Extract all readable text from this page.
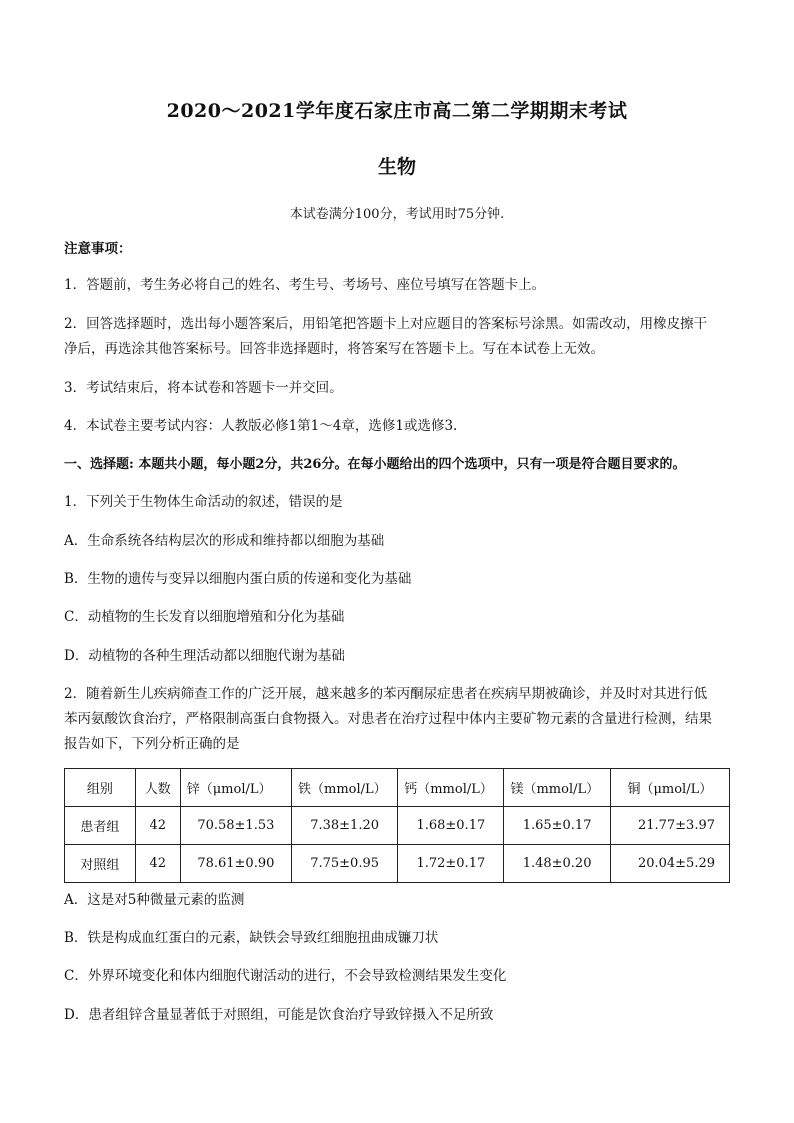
2020～2021学年度石家庄市高二第二学期期末考试
生物
本试卷满分100分，考试用时75分钟.
注意事项：
1．答题前，考生务必将自己的姓名、考生号、考场号、座位号填写在答题卡上。
2．回答选择题时，选出每小题答案后，用铅笔把答题卡上对应题目的答案标号涂黑。如需改动，用橡皮擦干
净后，再选涂其他答案标号。回答非选择题时，将答案写在答题卡上。写在本试卷上无效。
3．考试结束后，将本试卷和答题卡一并交回。
4．本试卷主要考试内容：人教版必修1第1～4章，选修1或选修3.
一、选择题: 本题共小题，每小题2分，共26分。在每小题给出的四个选项中，只有一项是符合题目要求的。
1．下列关于生物体生命活动的叙述，错误的是
A．生命系统各结构层次的形成和维持都以细胞为基础
B．生物的遗传与变异以细胞内蛋白质的传递和变化为基础
C．动植物的生长发育以细胞增殖和分化为基础
D．动植物的各种生理活动都以细胞代谢为基础
2．随着新生儿疾病筛查工作的广泛开展，越来越多的苯丙酮尿症患者在疾病早期被确诊，并及时对其进行低
苯丙氨酸饮食治疗，严格限制高蛋白食物摄入。对患者在治疗过程中体内主要矿物元素的含量进行检测，结果
报告如下，下列分析正确的是
组别	人数	锌（μmol/L）	铁（mmol/L）	钙（mmol/L）	镁（mmol/L）	铜（μmol/L）
患者组	42	70.58±1.53	7.38±1.20	1.68±0.17	1.65±0.17	21.77±3.97
对照组	42	78.61±0.90	7.75±0.95	1.72±0.17	1.48±0.20	20.04±5.29
A．这是对5种微量元素的监测
B．铁是构成血红蛋白的元素，缺铁会导致红细胞扭曲成镰刀状
C．外界环境变化和体内细胞代谢活动的进行，不会导致检测结果发生变化
D．患者组锌含量显著低于对照组，可能是饮食治疗导致锌摄入不足所致
